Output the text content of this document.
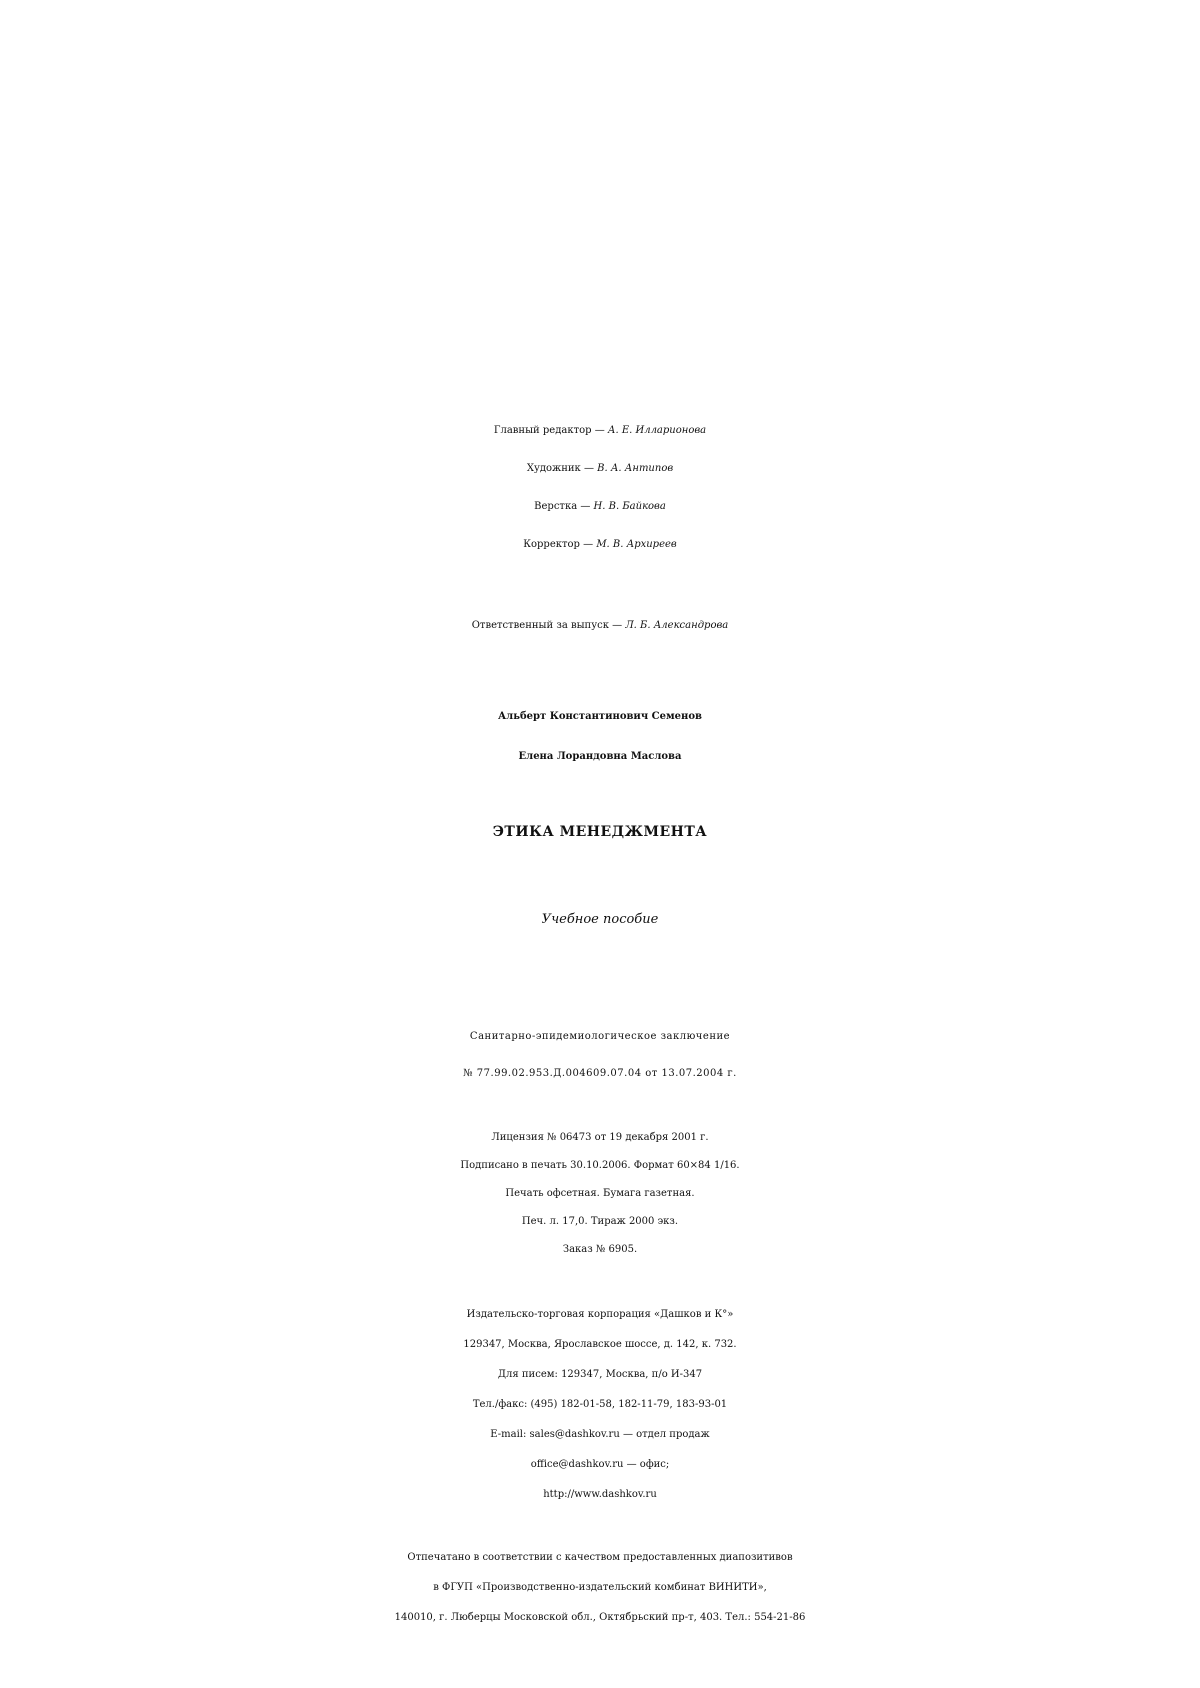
Главный редактор — А. Е. Илларионова
Художник — В. А. Антипов
Верстка — Н. В. Байкова
Корректор — М. В. Архиреев
Ответственный за выпуск — Л. Б. Александрова
Альберт Константинович Семенов
Елена Лорандовна Маслова
ЭТИКА МЕНЕДЖМЕНТА
Учебное пособие
Санитарно-эпидемиологическое заключение
№ 77.99.02.953.Д.004609.07.04 от 13.07.2004 г.
Лицензия № 06473 от 19 декабря 2001 г.
Подписано в печать 30.10.2006. Формат 60×84 1/16.
Печать офсетная. Бумага газетная.
Печ. л. 17,0. Тираж 2000 экз.
Заказ № 6905.
Издательско-торговая корпорация «Дашков и К°»
129347, Москва, Ярославское шоссе, д. 142, к. 732.
Для писем: 129347, Москва, п/о И-347
Тел./факс: (495) 182-01-58, 182-11-79, 183-93-01
E-mail: sales@dashkov.ru — отдел продаж
office@dashkov.ru — офис;
http://www.dashkov.ru
Отпечатано в соответствии с качеством предоставленных диапозитивов
в ФГУП «Производственно-издательский комбинат ВИНИТИ»,
140010, г. Люберцы Московской обл., Октябрьский пр-т, 403. Тел.: 554-21-86
